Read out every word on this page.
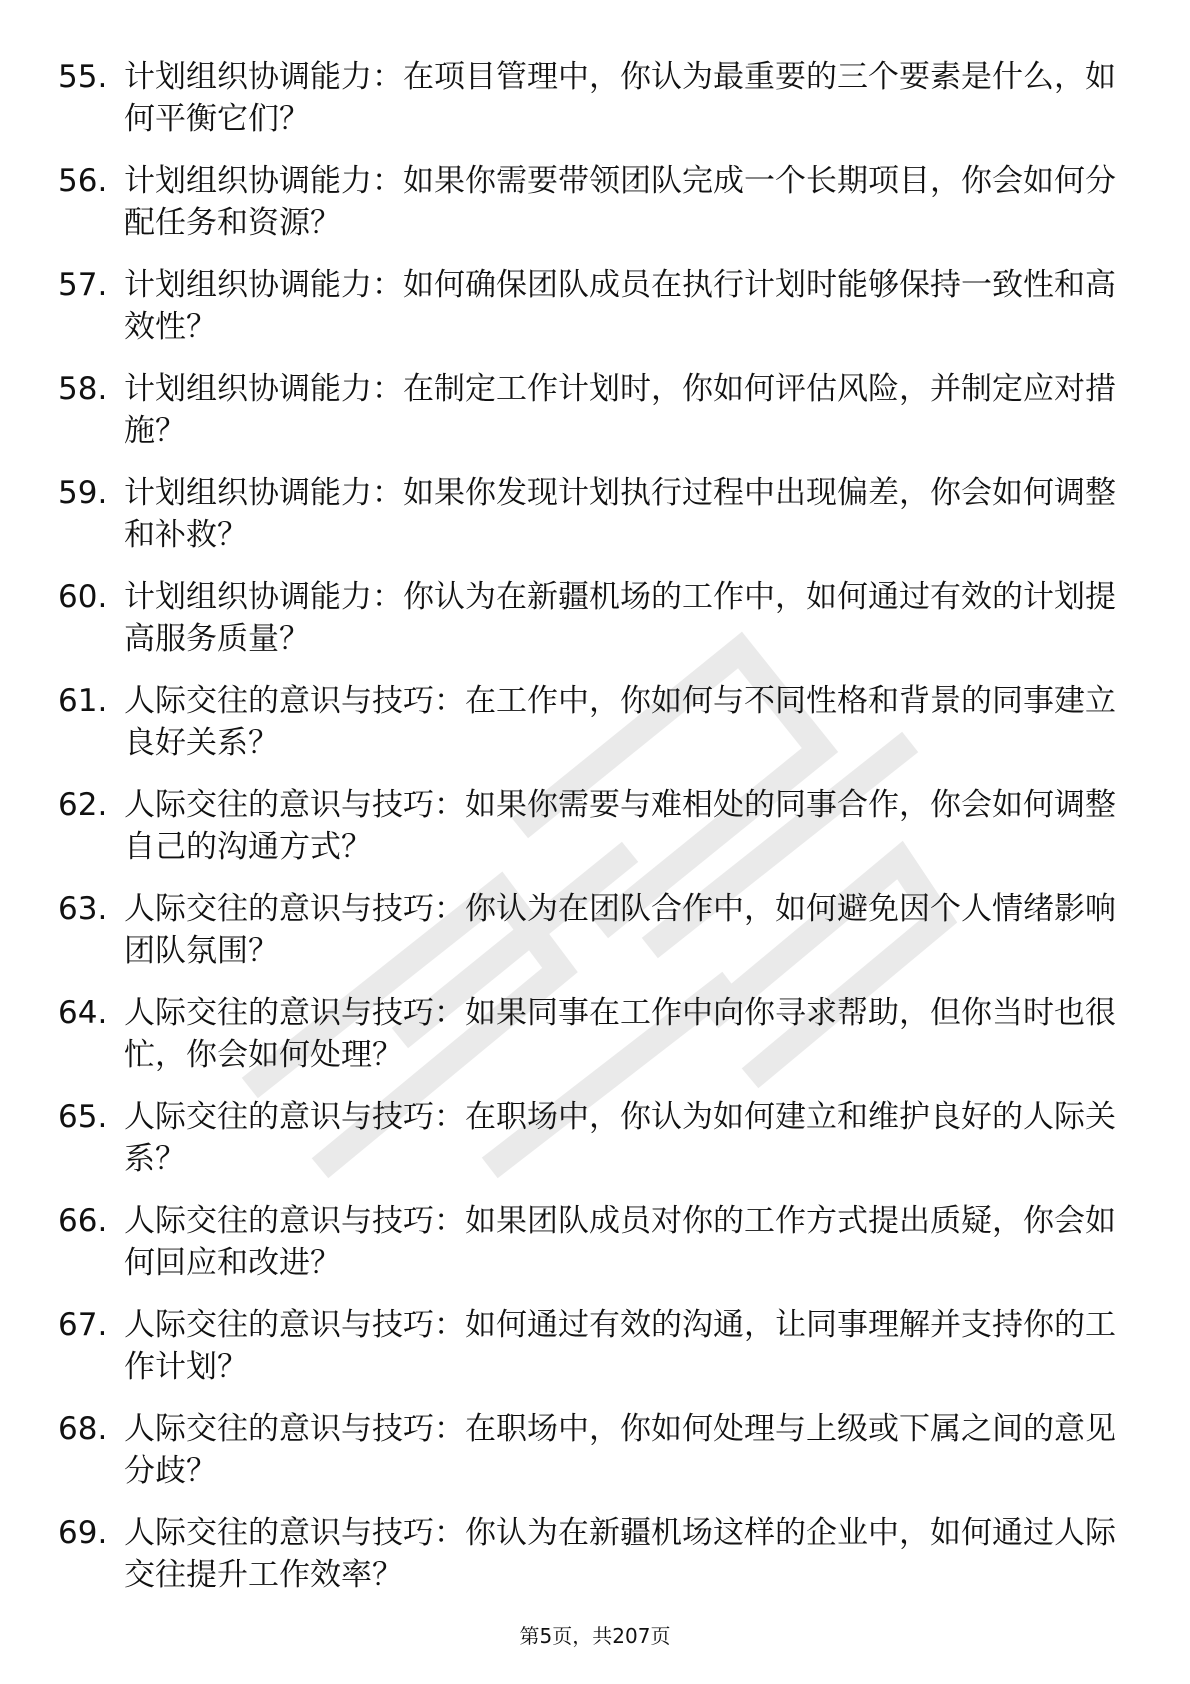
55. 计划组织协调能力：在项目管理中，你认为最重要的三个要素是什么，如何平衡它们？
56. 计划组织协调能力：如果你需要带领团队完成一个长期项目，你会如何分配任务和资源？
57. 计划组织协调能力：如何确保团队成员在执行计划时能够保持一致性和高效性？
58. 计划组织协调能力：在制定工作计划时，你如何评估风险，并制定应对措施？
59. 计划组织协调能力：如果你发现计划执行过程中出现偏差，你会如何调整和补救？
60. 计划组织协调能力：你认为在新疆机场的工作中，如何通过有效的计划提高服务质量？
61. 人际交往的意识与技巧：在工作中，你如何与不同性格和背景的同事建立良好关系？
62. 人际交往的意识与技巧：如果你需要与难相处的同事合作，你会如何调整自己的沟通方式？
63. 人际交往的意识与技巧：你认为在团队合作中，如何避免因个人情绪影响团队氛围？
64. 人际交往的意识与技巧：如果同事在工作中向你寻求帮助，但你当时也很忙，你会如何处理？
65. 人际交往的意识与技巧：在职场中，你认为如何建立和维护良好的人际关系？
66. 人际交往的意识与技巧：如果团队成员对你的工作方式提出质疑，你会如何回应和改进？
67. 人际交往的意识与技巧：如何通过有效的沟通，让同事理解并支持你的工作计划？
68. 人际交往的意识与技巧：在职场中，你如何处理与上级或下属之间的意见分歧？
69. 人际交往的意识与技巧：你认为在新疆机场这样的企业中，如何通过人际交往提升工作效率？
第5页，共207页
